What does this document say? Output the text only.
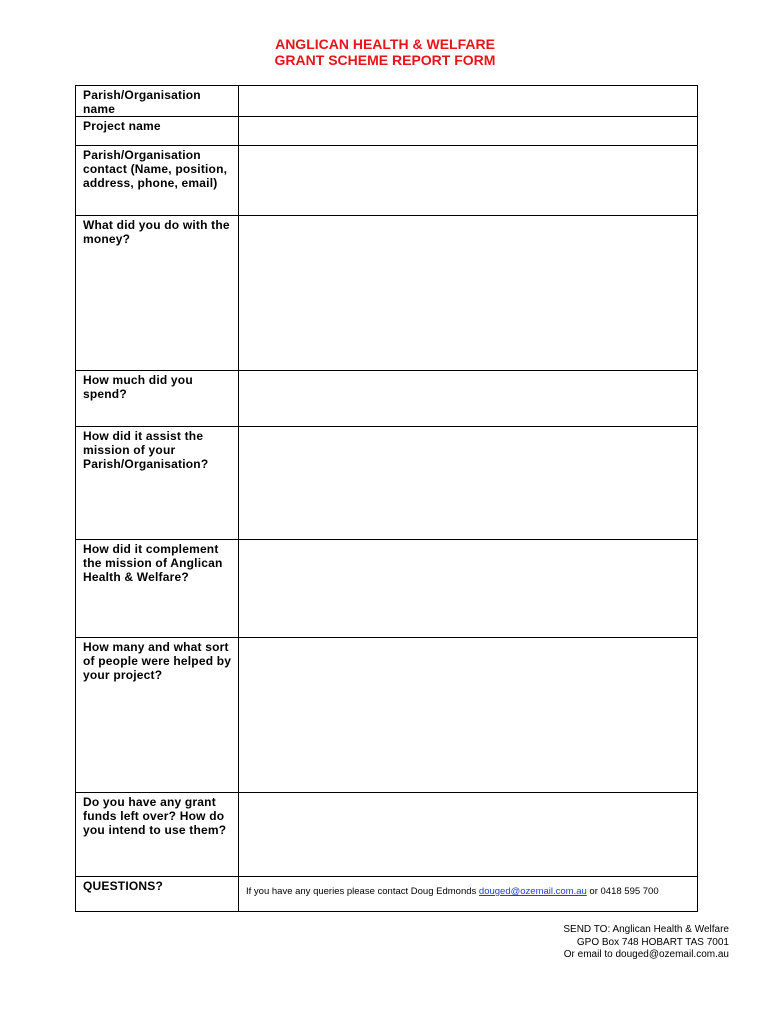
ANGLICAN HEALTH & WELFARE
GRANT SCHEME REPORT FORM
Parish/Organisation name	
Project name	
Parish/Organisation contact (Name, position, address, phone, email)	
What did you do with the money?	
How much did you spend?	
How did it assist the mission of your Parish/Organisation?	
How did it complement the mission of Anglican Health & Welfare?	
How many and what sort of people were helped by your project?	
Do you have any grant funds left over? How do you intend to use them?	
QUESTIONS?	If you have any queries please contact Doug Edmonds douged@ozemail.com.au or 0418 595 700
SEND TO: Anglican Health & Welfare
GPO Box 748 HOBART TAS 7001
Or email to douged@ozemail.com.au
